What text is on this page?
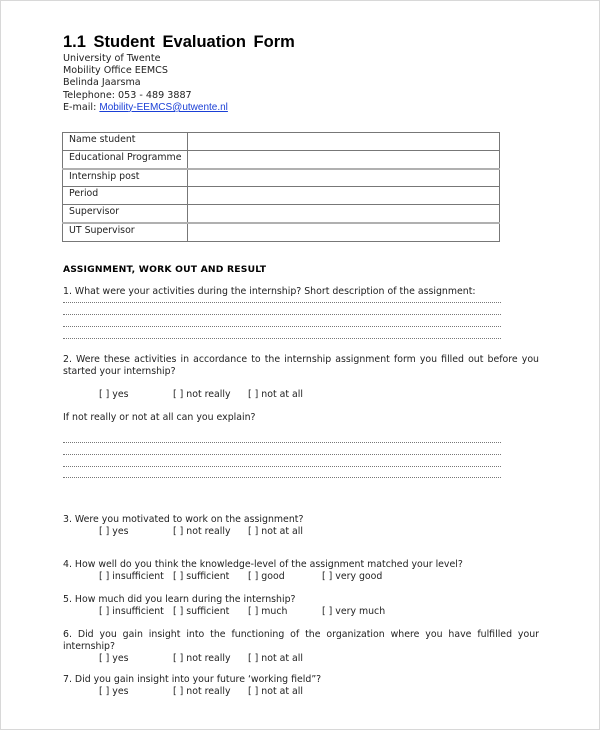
1.1 Student Evaluation Form
University of Twente
Mobility Office EEMCS
Belinda Jaarsma
Telephone: 053 - 489 3887
E-mail: Mobility-EEMCS@utwente.nl
Name student	
Educational Programme	
Internship post	
Period	
Supervisor	
UT Supervisor	
ASSIGNMENT, WORK OUT AND RESULT
1. What were your activities during the internship? Short description of the assignment:
2. Were these activities in accordance to the internship assignment form you filled out before you started your internship?
[ ] yes	[ ] not really [ ] not at all
If not really or not at all can you explain?
3. Were you motivated to work on the assignment?
[ ] yes	[ ] not really [ ] not at all
4. How well do you think the knowledge-level of the assignment matched your level?
[ ] insufficient [ ] sufficient [ ] good	[ ] very good
5. How much did you learn during the internship?
[ ] insufficient [ ] sufficient [ ] much	[ ] very much
6. Did you gain insight into the functioning of the organization where you have fulfilled your internship?
[ ] yes	[ ] not really [ ] not at all
7. Did you gain insight into your future ‘working field”?
[ ] yes	[ ] not really [ ] not at all
